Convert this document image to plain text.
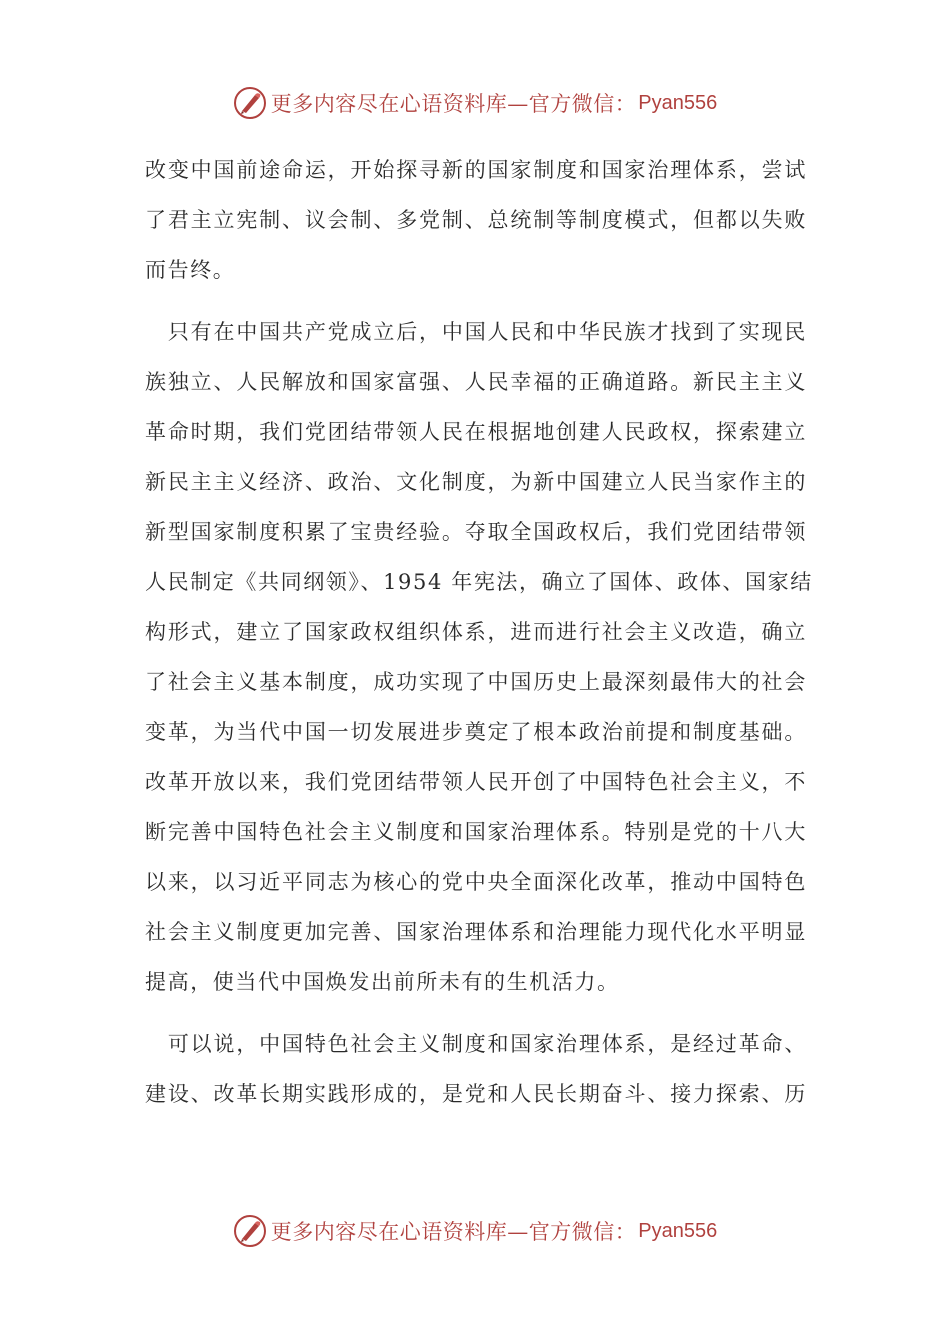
更多内容尽在心语资料库—官方微信： Pyan556
改变中国前途命运，开始探寻新的国家制度和国家治理体系，尝试
了君主立宪制、议会制、多党制、总统制等制度模式，但都以失败
而告终。
　只有在中国共产党成立后，中国人民和中华民族才找到了实现民
族独立、人民解放和国家富强、人民幸福的正确道路。新民主主义
革命时期，我们党团结带领人民在根据地创建人民政权，探索建立
新民主主义经济、政治、文化制度，为新中国建立人民当家作主的
新型国家制度积累了宝贵经验。夺取全国政权后，我们党团结带领
人民制定《共同纲领》、1954 年宪法，确立了国体、政体、国家结
构形式，建立了国家政权组织体系，进而进行社会主义改造，确立
了社会主义基本制度，成功实现了中国历史上最深刻最伟大的社会
变革，为当代中国一切发展进步奠定了根本政治前提和制度基础。
改革开放以来，我们党团结带领人民开创了中国特色社会主义，不
断完善中国特色社会主义制度和国家治理体系。特别是党的十八大
以来，以习近平同志为核心的党中央全面深化改革，推动中国特色
社会主义制度更加完善、国家治理体系和治理能力现代化水平明显
提高，使当代中国焕发出前所未有的生机活力。
　可以说，中国特色社会主义制度和国家治理体系，是经过革命、
建设、改革长期实践形成的，是党和人民长期奋斗、接力探索、历
更多内容尽在心语资料库—官方微信： Pyan556
